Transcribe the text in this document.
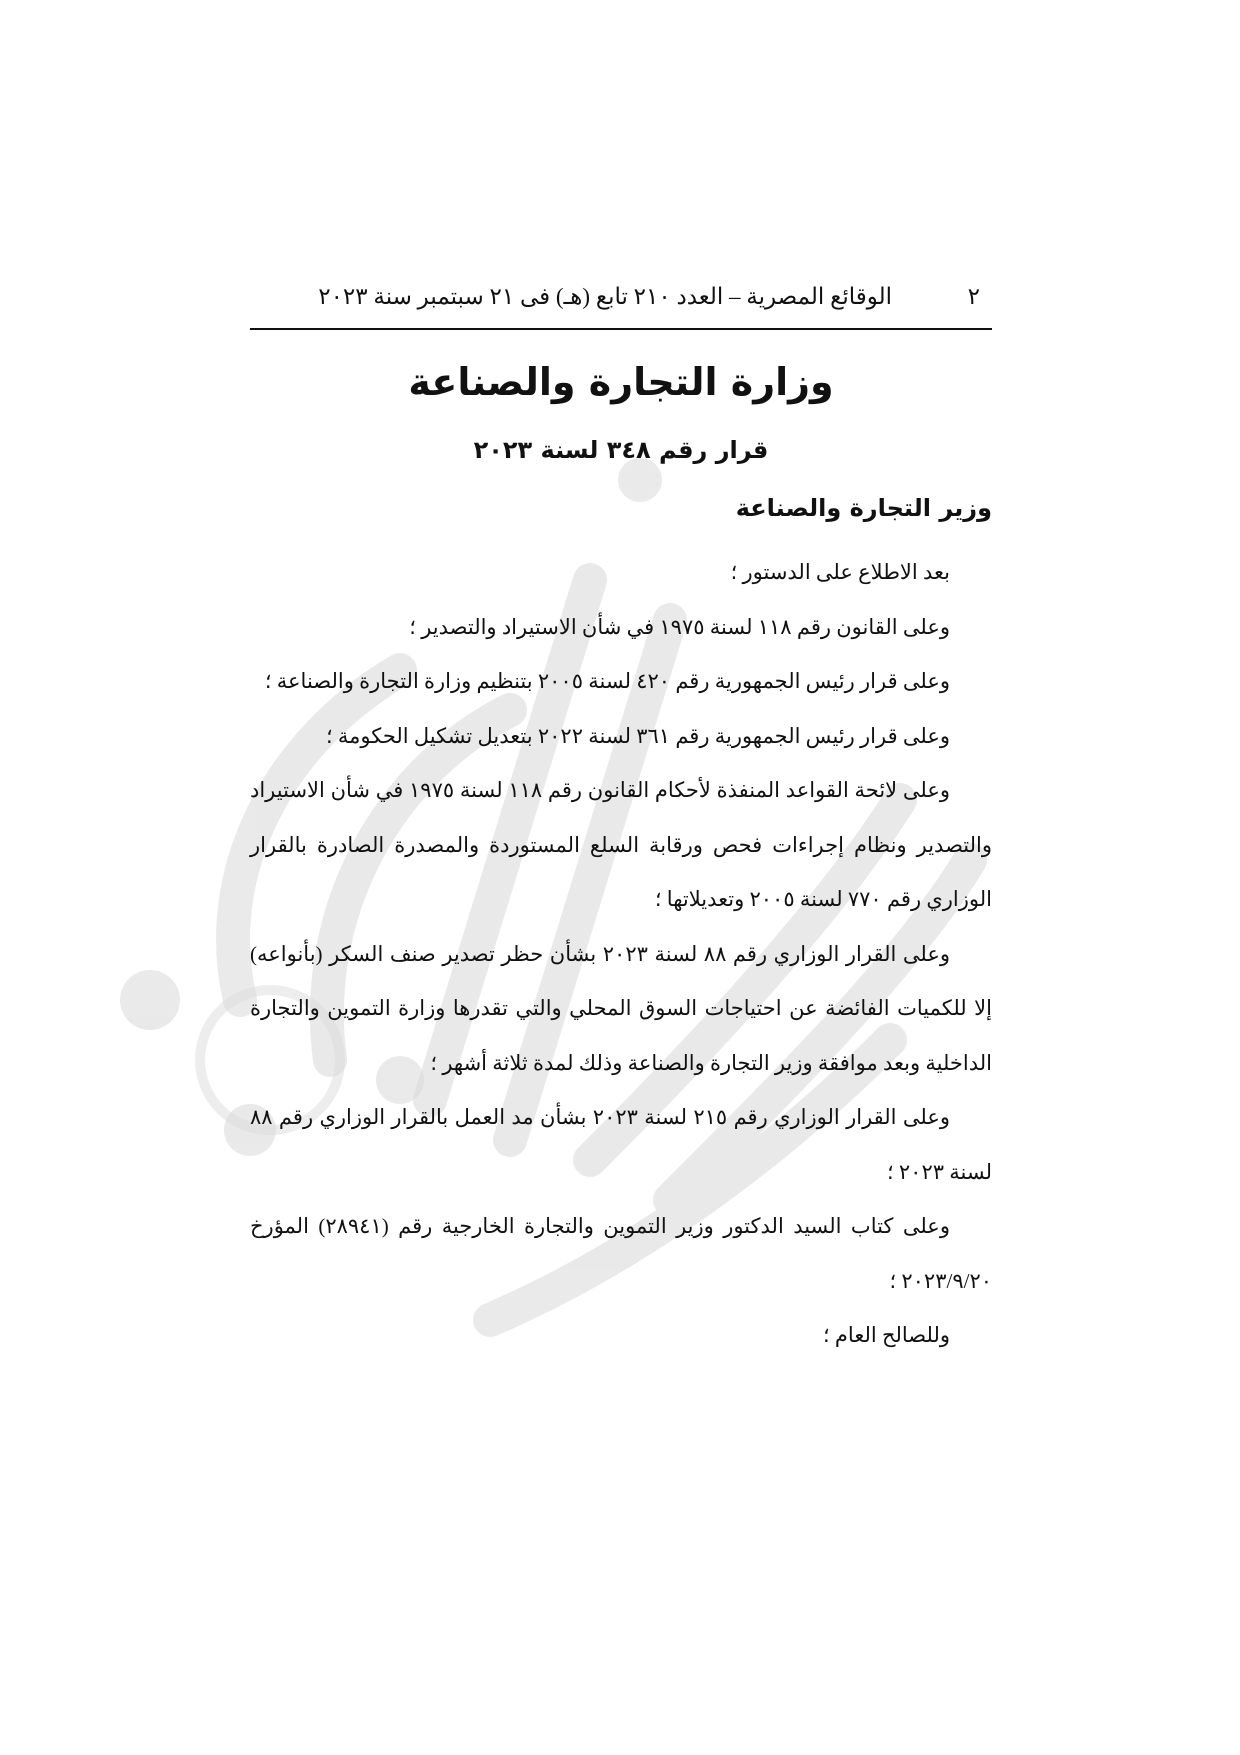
٢
الوقائع المصرية – العدد ٢١٠ تابع (هـ) فى ٢١ سبتمبر سنة ٢٠٢٣
وزارة التجارة والصناعة
قرار رقم ٣٤٨ لسنة ٢٠٢٣
وزير التجارة والصناعة

بعد الاطلاع على الدستور ؛

وعلى القانون رقم ١١٨ لسنة ١٩٧٥ في شأن الاستيراد والتصدير ؛

وعلى قرار رئيس الجمهورية رقم ٤٢٠ لسنة ٢٠٠٥ بتنظيم وزارة التجارة والصناعة ؛

وعلى قرار رئيس الجمهورية رقم ٣٦١ لسنة ٢٠٢٢ بتعديل تشكيل الحكومة ؛

وعلى لائحة القواعد المنفذة لأحكام القانون رقم ١١٨ لسنة ١٩٧٥ في شأن الاستيراد والتصدير ونظام إجراءات فحص ورقابة السلع المستوردة والمصدرة الصادرة بالقرار الوزاري رقم ٧٧٠ لسنة ٢٠٠٥ وتعديلاتها ؛

وعلى القرار الوزاري رقم ٨٨ لسنة ٢٠٢٣ بشأن حظر تصدير صنف السكر (بأنواعه) إلا للكميات الفائضة عن احتياجات السوق المحلي والتي تقدرها وزارة التموين والتجارة الداخلية وبعد موافقة وزير التجارة والصناعة وذلك لمدة ثلاثة أشهر ؛

وعلى القرار الوزاري رقم ٢١٥ لسنة ٢٠٢٣ بشأن مد العمل بالقرار الوزاري رقم ٨٨ لسنة ٢٠٢٣ ؛

وعلى كتاب السيد الدكتور وزير التموين والتجارة الخارجية رقم (٢٨٩٤١) المؤرخ ٢٠٢٣/٩/٢٠ ؛

وللصالح العام ؛
